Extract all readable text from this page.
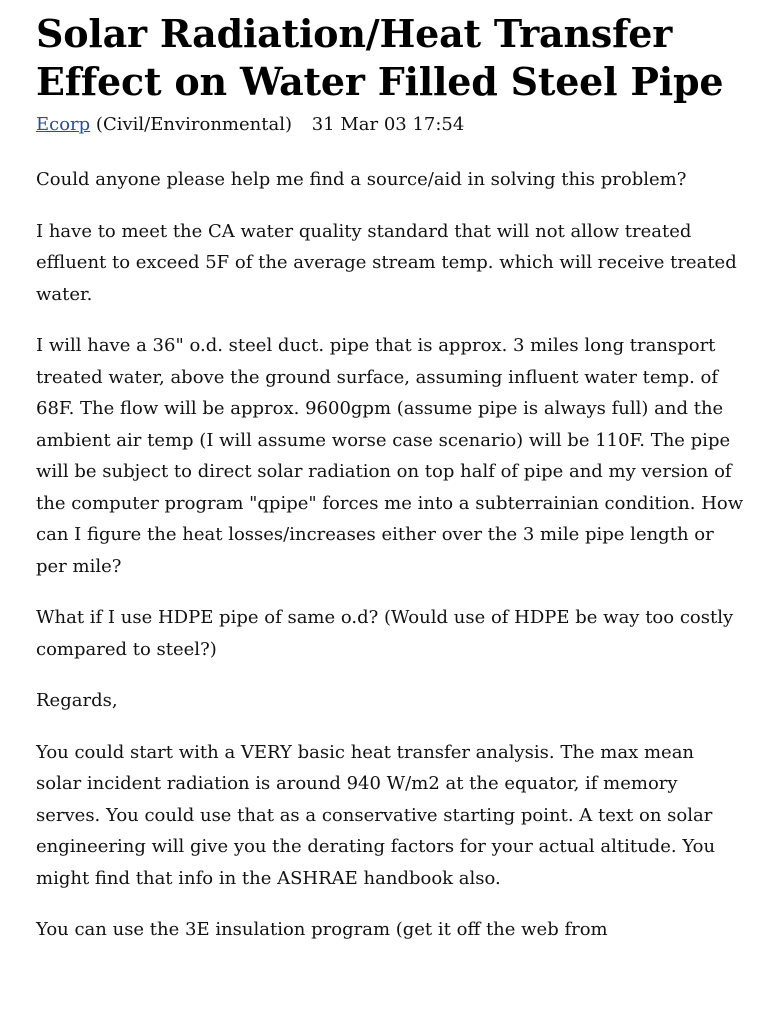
Solar Radiation/Heat Transfer Effect on Water Filled Steel Pipe
Ecorp (Civil/Environmental) 31 Mar 03 17:54

Could anyone please help me find a source/aid in solving this problem?

I have to meet the CA water quality standard that will not allow treated effluent to exceed 5F of the average stream temp. which will receive treated water.

I will have a 36" o.d. steel duct. pipe that is approx. 3 miles long transport treated water, above the ground surface, assuming influent water temp. of 68F. The flow will be approx. 9600gpm (assume pipe is always full) and the ambient air temp (I will assume worse case scenario) will be 110F. The pipe will be subject to direct solar radiation on top half of pipe and my version of the computer program "qpipe" forces me into a subterrainian condition. How can I figure the heat losses/increases either over the 3 mile pipe length or per mile?

What if I use HDPE pipe of same o.d? (Would use of HDPE be way too costly compared to steel?)

Regards,

You could start with a VERY basic heat transfer analysis. The max mean solar incident radiation is around 940 W/m2 at the equator, if memory serves. You could use that as a conservative starting point. A text on solar engineering will give you the derating factors for your actual altitude. You might find that info in the ASHRAE handbook also.

You can use the 3E insulation program (get it off the web from
